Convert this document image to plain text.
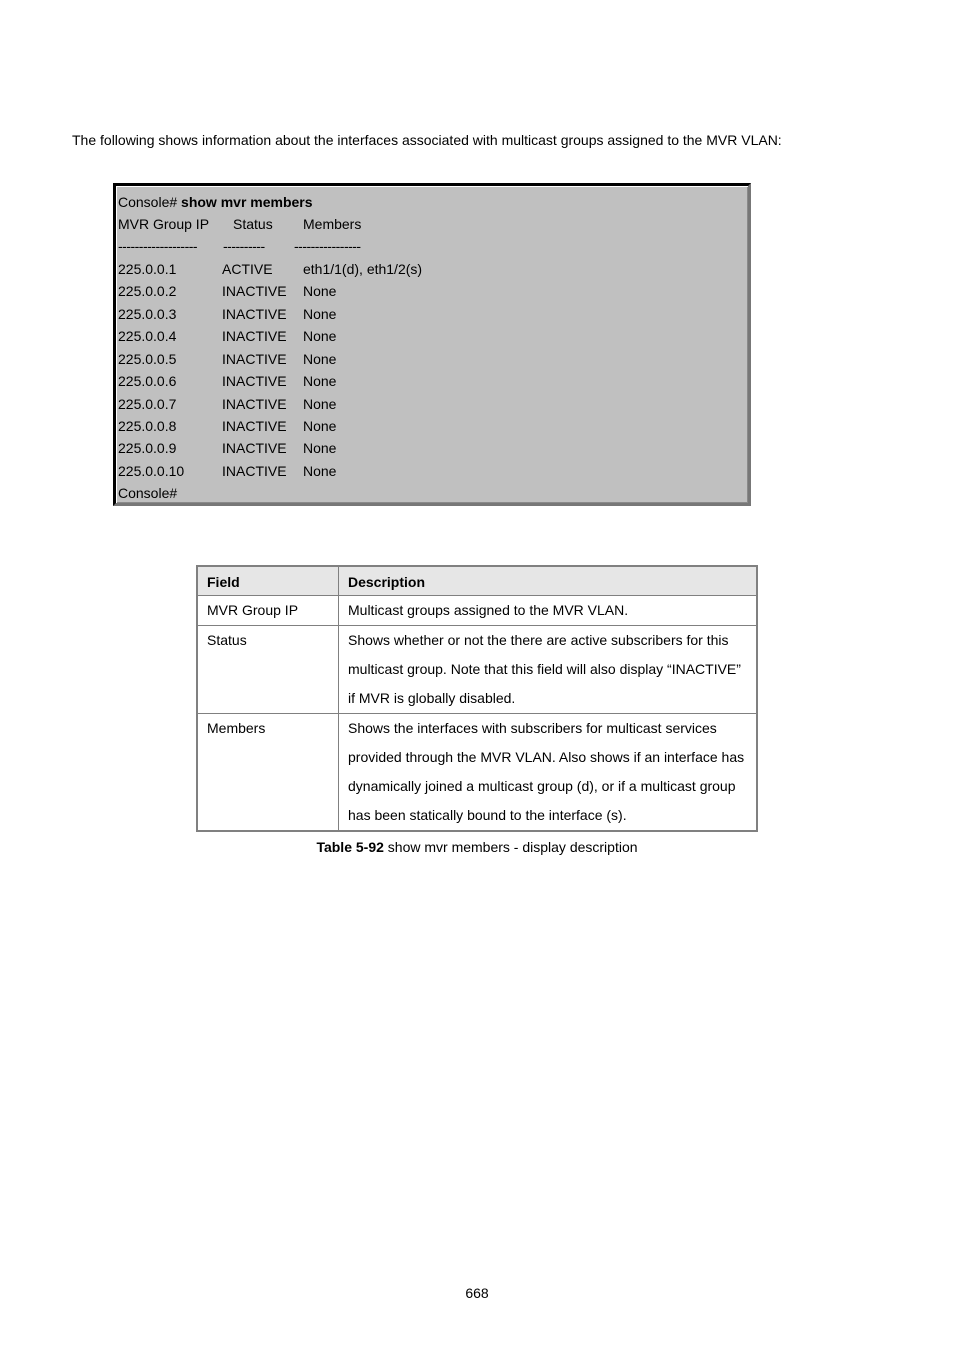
The following shows information about the interfaces associated with multicast groups assigned to the MVR VLAN:
Console# show mvr members
MVR Group IP Status Members
------------------- ---------- ----------------
225.0.0.1	ACTIVE eth1/1(d), eth1/2(s)
225.0.0.2	INACTIVE None
225.0.0.3	INACTIVE None
225.0.0.4	INACTIVE None
225.0.0.5	INACTIVE None
225.0.0.6	INACTIVE None
225.0.0.7	INACTIVE None
225.0.0.8	INACTIVE None
225.0.0.9	INACTIVE None
225.0.0.10	INACTIVE None
Console#
Field	Description
MVR Group IP	Multicast groups assigned to the MVR VLAN.
Status	Shows whether or not the there are active subscribers for this multicast group. Note that this field will also display “INACTIVE” if MVR is globally disabled.
Members	Shows the interfaces with subscribers for multicast services provided through the MVR VLAN. Also shows if an interface has dynamically joined a multicast group (d), or if a multicast group has been statically bound to the interface (s).
Table 5-92 show mvr members - display description
668
